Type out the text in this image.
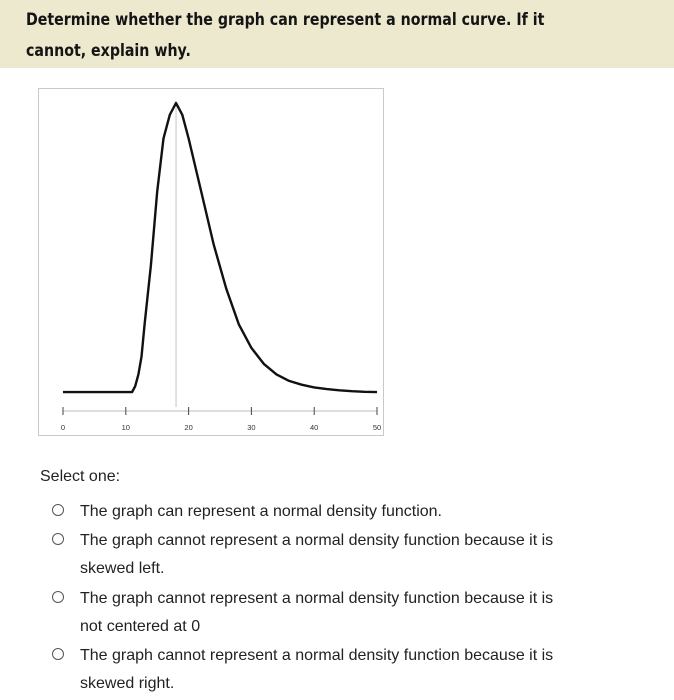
Determine whether the graph can represent a normal curve. If it cannot, explain why.
0	10	20	30	40	50
Select one:
The graph can represent a normal density function.
The graph cannot represent a normal density function because it is
skewed left.
The graph cannot represent a normal density function because it is
not centered at 0
The graph cannot represent a normal density function because it is
skewed right.
